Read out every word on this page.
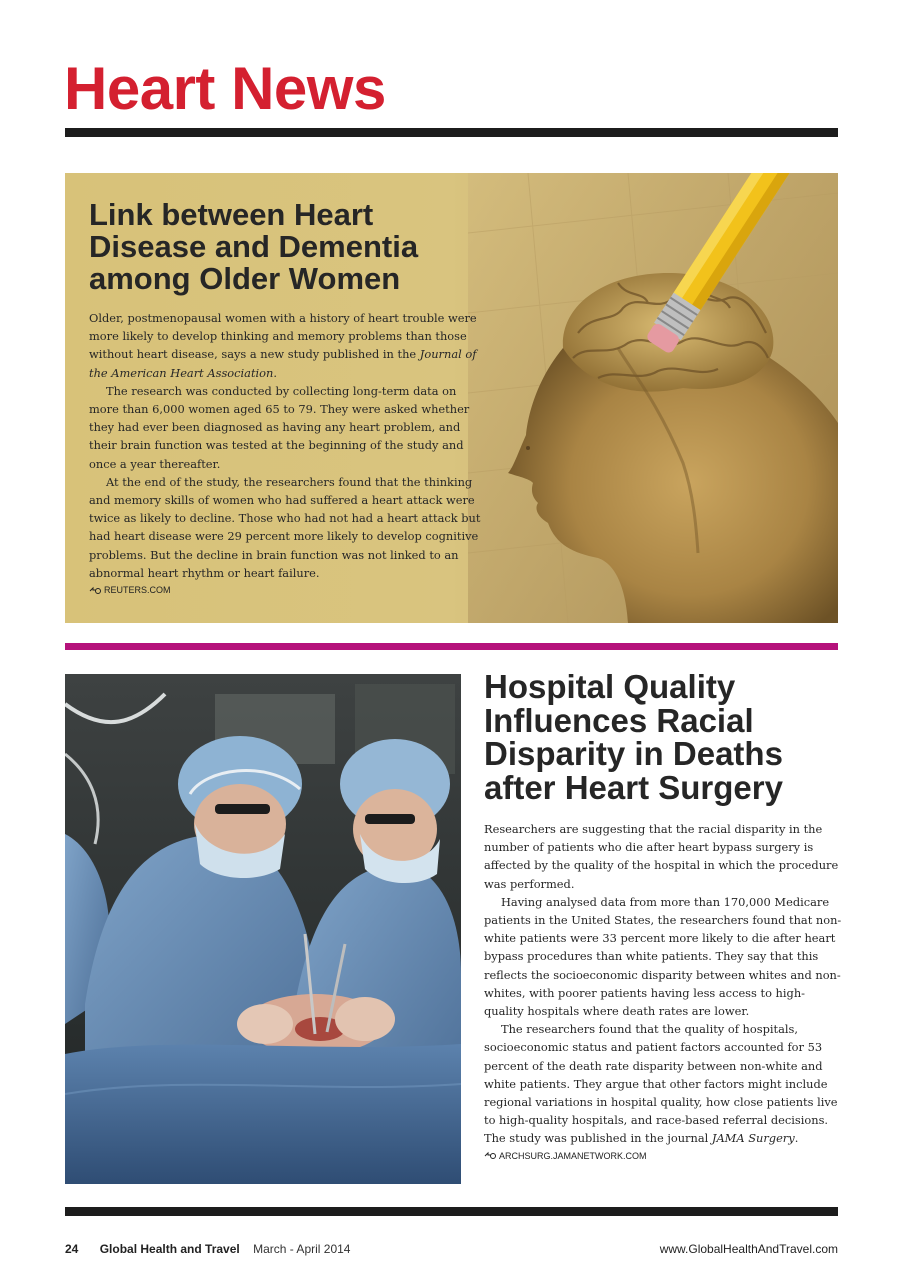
Heart News
Link between Heart
Disease and Dementia
among Older Women

Older, postmenopausal women with a history of heart trouble were more likely to develop thinking and memory problems than those without heart disease, says a new study published in the Journal of the American Heart Association.

The research was conducted by collecting long-term data on more than 6,000 women aged 65 to 79. They were asked whether they had ever been diagnosed as having any heart problem, and their brain function was tested at the beginning of the study and once a year thereafter.

At the end of the study, the researchers found that the thinking and memory skills of women who had suffered a heart attack were twice as likely to decline. Those who had not had a heart attack but had heart disease were 29 percent more likely to develop cognitive problems. But the decline in brain function was not linked to an abnormal heart rhythm or heart failure.

REUTERS.COM
Hospital Quality
Influences Racial
Disparity in Deaths
after Heart Surgery

Researchers are suggesting that the racial disparity in the number of patients who die after heart bypass surgery is affected by the quality of the hospital in which the procedure was performed.

Having analysed data from more than 170,000 Medicare patients in the United States, the researchers found that non-white patients were 33 percent more likely to die after heart bypass procedures than white patients. They say that this reflects the socioeconomic disparity between whites and non-whites, with poorer patients having less access to high-quality hospitals where death rates are lower.

The researchers found that the quality of hospitals, socioeconomic status and patient factors accounted for 53 percent of the death rate disparity between non-white and white patients. They argue that other factors might include regional variations in hospital quality, how close patients live to high-quality hospitals, and race-based referral decisions. The study was published in the journal JAMA Surgery.

ARCHSURG.JAMANETWORK.COM
24 Global Health and Travel March - April 2014	www.GlobalHealthAndTravel.com
